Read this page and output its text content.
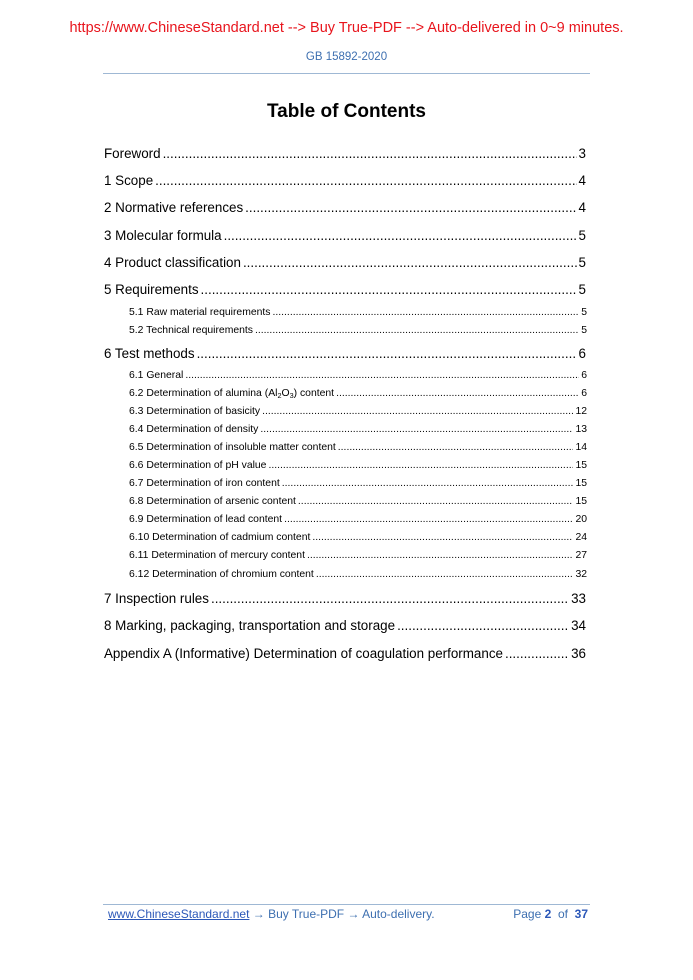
https://www.ChineseStandard.net --> Buy True-PDF --> Auto-delivered in 0~9 minutes.
GB 15892-2020
Table of Contents
Foreword .....	3
1 Scope .....	4
2 Normative references .....	4
3 Molecular formula .....	5
4 Product classification .....	5
5 Requirements .....	5
5.1 Raw material requirements .....	5
5.2 Technical requirements .....	5
6 Test methods .....	6
6.1 General .....	6
6.2 Determination of alumina $(Al_2O_3)$ content .....	6
6.3 Determination of basicity .....	12
6.4 Determination of density .....	13
6.5 Determination of insoluble matter content .....	14
6.6 Determination of pH value .....	15
6.7 Determination of iron content .....	15
6.8 Determination of arsenic content .....	15
6.9 Determination of lead content .....	20
6.10 Determination of cadmium content .....	24
6.11 Determination of mercury content .....	27
6.12 Determination of chromium content .....	32
7 Inspection rules .....	33
8 Marking, packaging, transportation and storage .....	34
Appendix A (Informative) Determination of coagulation performance .....	36
www.ChineseStandard.net → Buy True-PDF → Auto-delivery.	Page 2 of 37
